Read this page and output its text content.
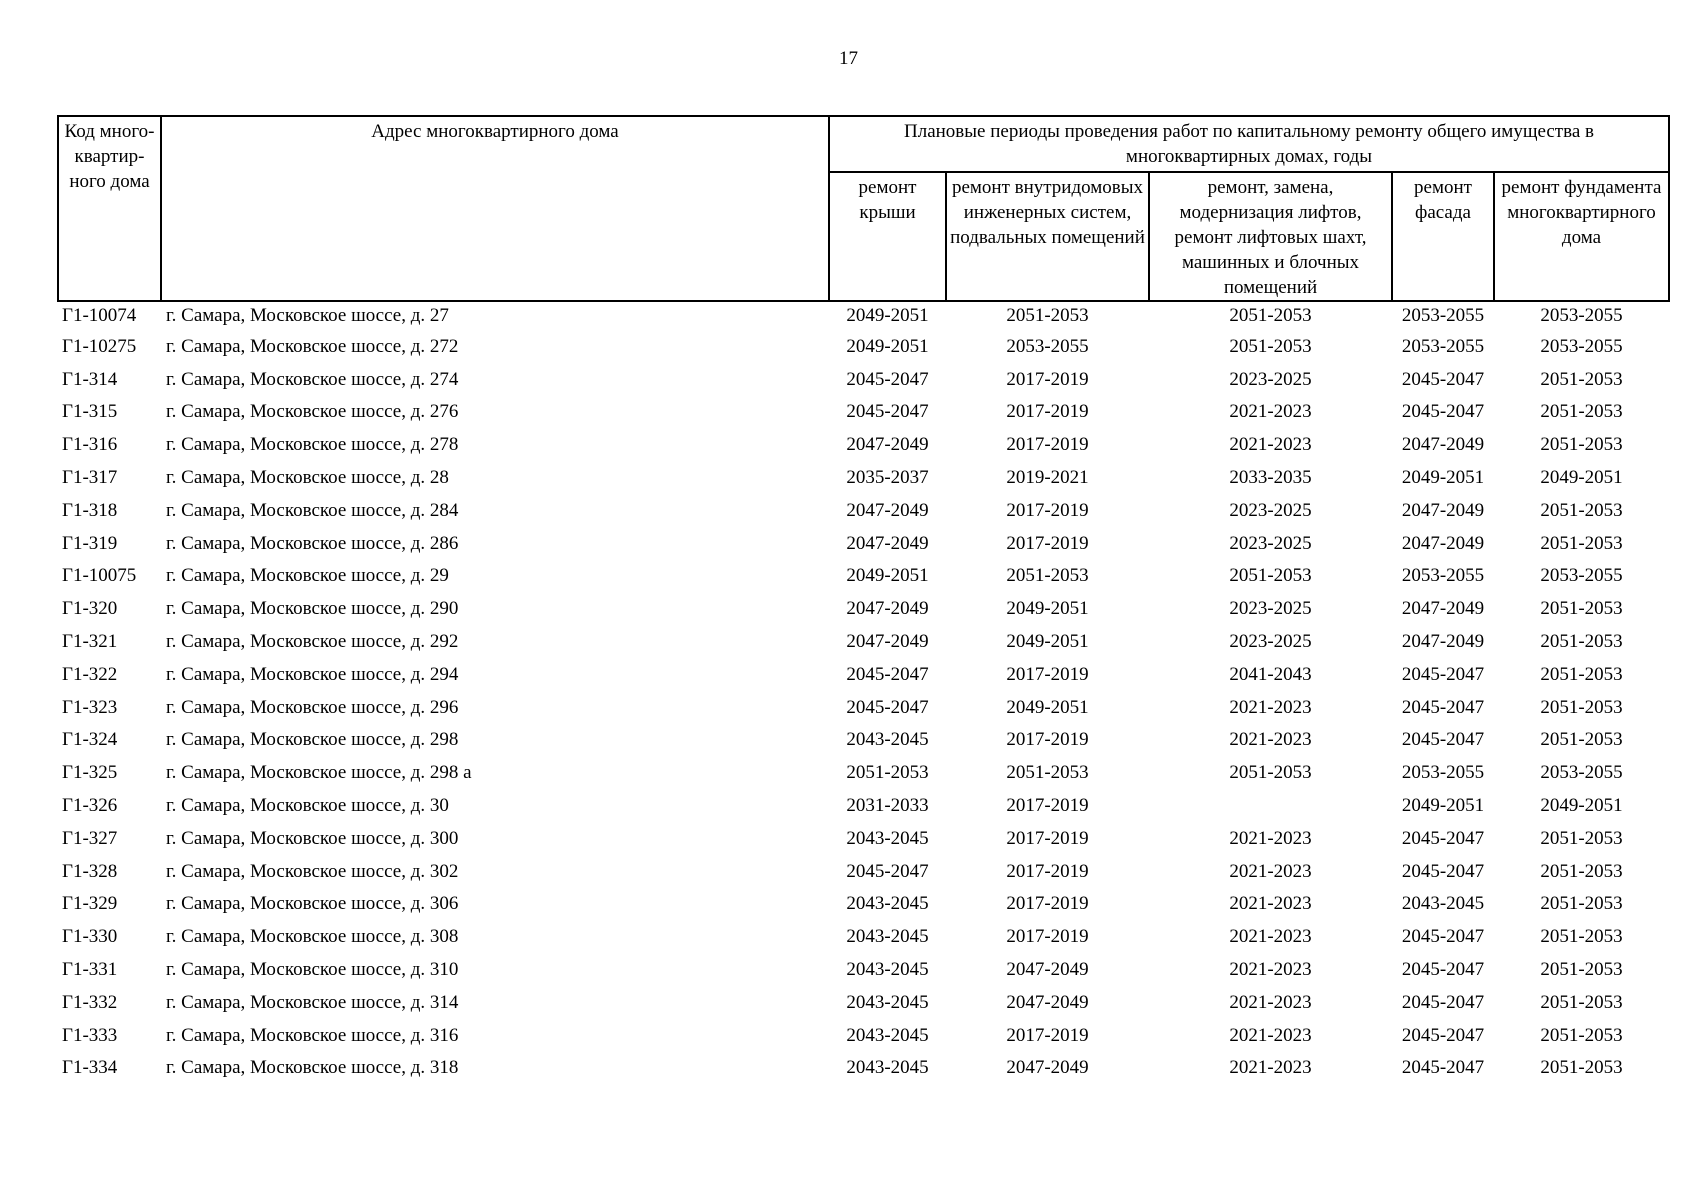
17
Код много-квартир-ного дома	Адрес многоквартирного дома	Плановые периоды проведения работ по капитальному ремонту общего имущества в многоквартирных домах, годы				
		ремонт крыши	ремонт внутридомовых инженерных систем, подвальных помещений	ремонт, замена, модернизация лифтов, ремонт лифтовых шахт, машинных и блочных помещений	ремонт фасада	ремонт фундамента многоквартирного дома
Г1-10074	г. Самара, Московское шоссе, д. 27	2049-2051	2051-2053	2051-2053	2053-2055	2053-2055
Г1-10275	г. Самара, Московское шоссе, д. 272	2049-2051	2053-2055	2051-2053	2053-2055	2053-2055
Г1-314	г. Самара, Московское шоссе, д. 274	2045-2047	2017-2019	2023-2025	2045-2047	2051-2053
Г1-315	г. Самара, Московское шоссе, д. 276	2045-2047	2017-2019	2021-2023	2045-2047	2051-2053
Г1-316	г. Самара, Московское шоссе, д. 278	2047-2049	2017-2019	2021-2023	2047-2049	2051-2053
Г1-317	г. Самара, Московское шоссе, д. 28	2035-2037	2019-2021	2033-2035	2049-2051	2049-2051
Г1-318	г. Самара, Московское шоссе, д. 284	2047-2049	2017-2019	2023-2025	2047-2049	2051-2053
Г1-319	г. Самара, Московское шоссе, д. 286	2047-2049	2017-2019	2023-2025	2047-2049	2051-2053
Г1-10075	г. Самара, Московское шоссе, д. 29	2049-2051	2051-2053	2051-2053	2053-2055	2053-2055
Г1-320	г. Самара, Московское шоссе, д. 290	2047-2049	2049-2051	2023-2025	2047-2049	2051-2053
Г1-321	г. Самара, Московское шоссе, д. 292	2047-2049	2049-2051	2023-2025	2047-2049	2051-2053
Г1-322	г. Самара, Московское шоссе, д. 294	2045-2047	2017-2019	2041-2043	2045-2047	2051-2053
Г1-323	г. Самара, Московское шоссе, д. 296	2045-2047	2049-2051	2021-2023	2045-2047	2051-2053
Г1-324	г. Самара, Московское шоссе, д. 298	2043-2045	2017-2019	2021-2023	2045-2047	2051-2053
Г1-325	г. Самара, Московское шоссе, д. 298 а	2051-2053	2051-2053	2051-2053	2053-2055	2053-2055
Г1-326	г. Самара, Московское шоссе, д. 30	2031-2033	2017-2019		2049-2051	2049-2051
Г1-327	г. Самара, Московское шоссе, д. 300	2043-2045	2017-2019	2021-2023	2045-2047	2051-2053
Г1-328	г. Самара, Московское шоссе, д. 302	2045-2047	2017-2019	2021-2023	2045-2047	2051-2053
Г1-329	г. Самара, Московское шоссе, д. 306	2043-2045	2017-2019	2021-2023	2043-2045	2051-2053
Г1-330	г. Самара, Московское шоссе, д. 308	2043-2045	2017-2019	2021-2023	2045-2047	2051-2053
Г1-331	г. Самара, Московское шоссе, д. 310	2043-2045	2047-2049	2021-2023	2045-2047	2051-2053
Г1-332	г. Самара, Московское шоссе, д. 314	2043-2045	2047-2049	2021-2023	2045-2047	2051-2053
Г1-333	г. Самара, Московское шоссе, д. 316	2043-2045	2017-2019	2021-2023	2045-2047	2051-2053
Г1-334	г. Самара, Московское шоссе, д. 318	2043-2045	2047-2049	2021-2023	2045-2047	2051-2053
